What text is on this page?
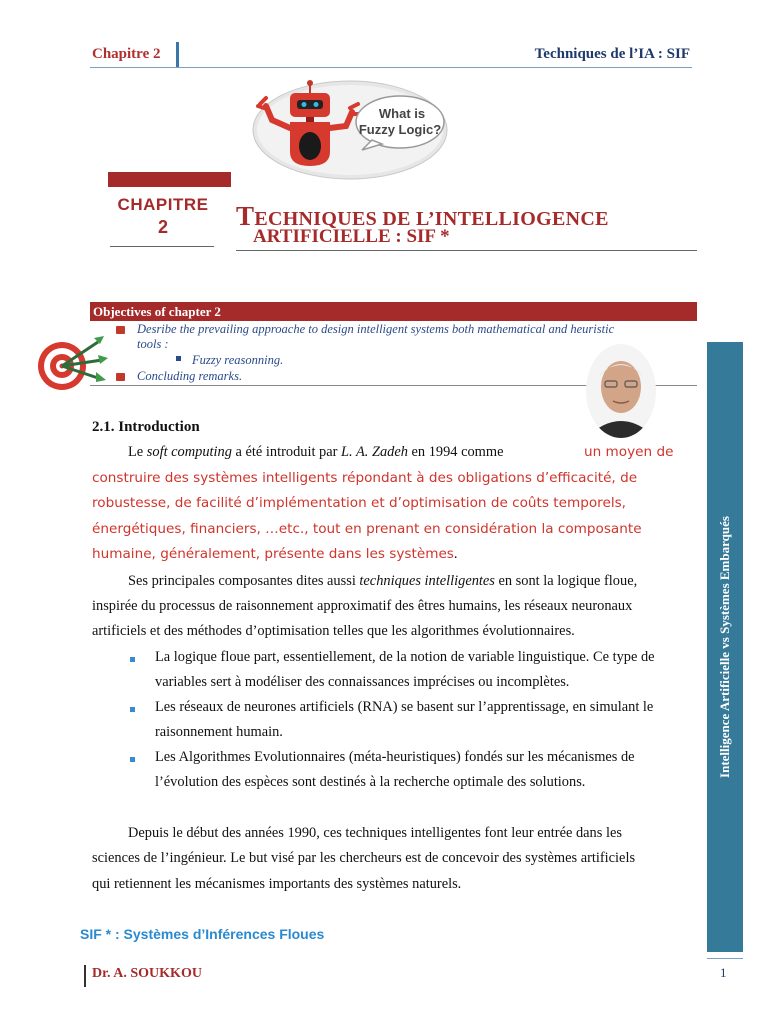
Chapitre 2	Techniques de l’IA : SIF
What is
Fuzzy Logic?
CHAPITRE
2	TECHNIQUES DE L’INTELLIOGENCE
ARTIFICIELLE : SIF *
Objectives of chapter 2
Desribe the prevailing approache to design intelligent systems both mathematical and heuristic
tools :
Fuzzy reasonning.
Concluding remarks.
Intelligence Artificielle vs Systèmes Embarqués
2.1. Introduction
Le soft computing a été introduit par L. A. Zadeh en 1994 comme	un moyen de
construire des systèmes intelligents répondant à des obligations d’efficacité, de
robustesse, de facilité d’implémentation et d’optimisation de coûts temporels,
énergétiques, financiers, …etc., tout en prenant en considération la composante
humaine, généralement, présente dans les systèmes.
Ses principales composantes dites aussi techniques intelligentes en sont la logique floue,
inspirée du processus de raisonnement approximatif des êtres humains, les réseaux neuronaux
artificiels et des méthodes d’optimisation telles que les algorithmes évolutionnaires.
La logique floue part, essentiellement, de la notion de variable linguistique. Ce type de
variables sert à modéliser des connaissances imprécises ou incomplètes.
Les réseaux de neurones artificiels (RNA) se basent sur l’apprentissage, en simulant le
raisonnement humain.
Les Algorithmes Evolutionnaires (méta-heuristiques) fondés sur les mécanismes de
l’évolution des espèces sont destinés à la recherche optimale des solutions.
Depuis le début des années 1990, ces techniques intelligentes font leur entrée dans les
sciences de l’ingénieur. Le but visé par les chercheurs est de concevoir des systèmes artificiels
qui retiennent les mécanismes importants des systèmes naturels.
SIF * : Systèmes d’Inférences Floues
Dr. A. SOUKKOU	1
